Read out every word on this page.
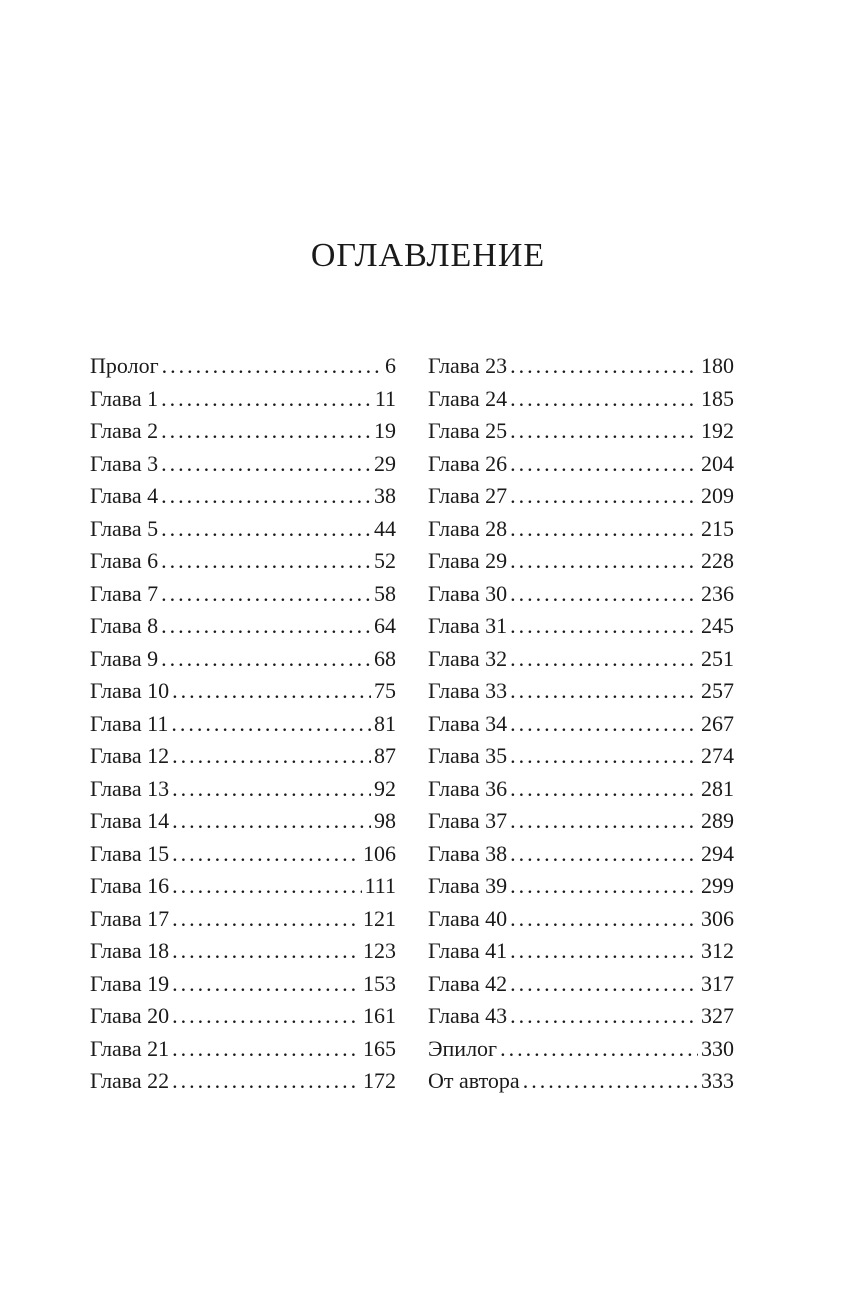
ОГЛАВЛЕНИЕ
Пролог .....	6
Глава 1 .....	11
Глава 2 .....	19
Глава 3 .....	29
Глава 4 .....	38
Глава 5 .....	44
Глава 6 .....	52
Глава 7 .....	58
Глава 8 .....	64
Глава 9 .....	68
Глава 10 .....	75
Глава 11 .....	81
Глава 12 .....	87
Глава 13 .....	92
Глава 14 .....	98
Глава 15 .....	106
Глава 16 .....	111
Глава 17 .....	121
Глава 18 .....	123
Глава 19 .....	153
Глава 20 .....	161
Глава 21 .....	165
Глава 22 .....	172
Глава 23 .....	180
Глава 24 .....	185
Глава 25 .....	192
Глава 26 .....	204
Глава 27 .....	209
Глава 28 .....	215
Глава 29 .....	228
Глава 30 .....	236
Глава 31 .....	245
Глава 32 .....	251
Глава 33 .....	257
Глава 34 .....	267
Глава 35 .....	274
Глава 36 .....	281
Глава 37 .....	289
Глава 38 .....	294
Глава 39 .....	299
Глава 40 .....	306
Глава 41 .....	312
Глава 42 .....	317
Глава 43 .....	327
Эпилог .....	330
От автора .....	333
